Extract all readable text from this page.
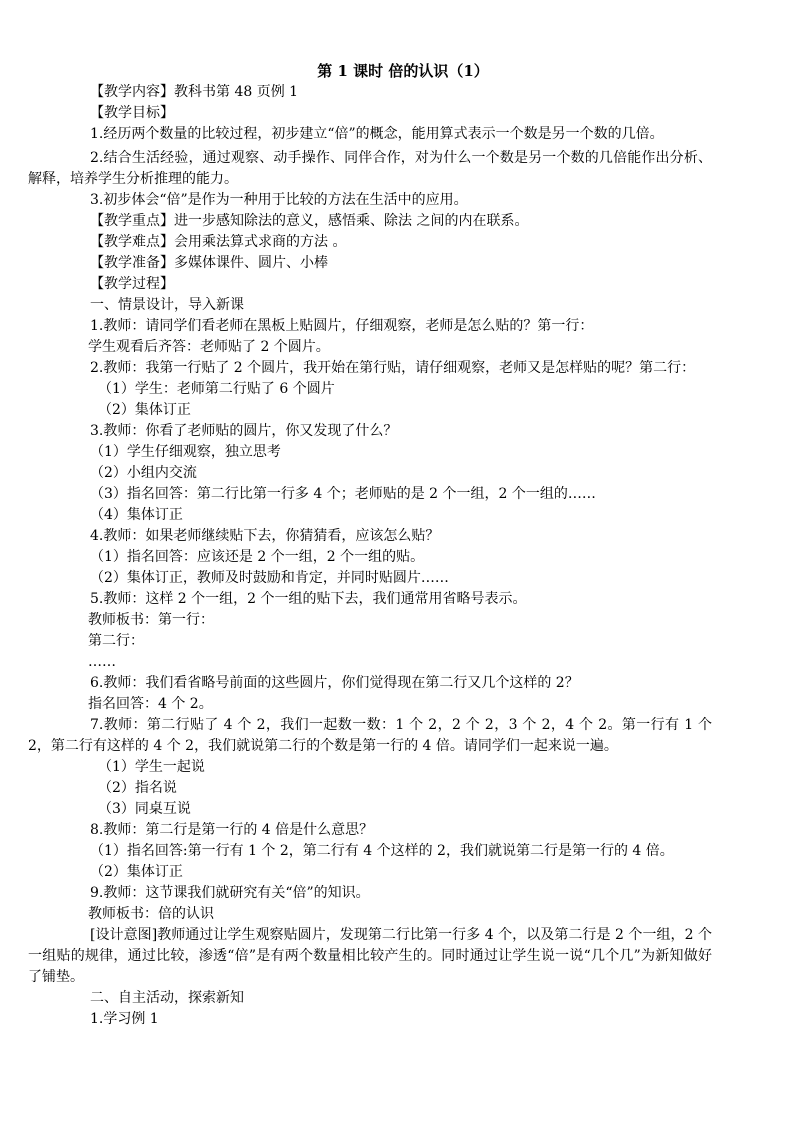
第 1 课时 倍的认识（1）

【教学内容】教科书第 48 页例 1

【教学目标】

1.经历两个数量的比较过程，初步建立“倍”的概念，能用算式表示一个数是另一个数的几倍。

2.结合生活经验，通过观察、动手操作、同伴合作，对为什么一个数是另一个数的几倍能作出分析、解释，培养学生分析推理的能力。

3.初步体会“倍”是作为一种用于比较的方法在生活中的应用。

【教学重点】进一步感知除法的意义，感悟乘、除法 之间的内在联系。

【教学难点】会用乘法算式求商的方法 。

【教学准备】多媒体课件、圆片、小棒

【教学过程】

一、情景设计，导入新课

1.教师：请同学们看老师在黑板上贴圆片，仔细观察，老师是怎么贴的？第一行：

学生观看后齐答：老师贴了 2 个圆片。

2.教师：我第一行贴了 2 个圆片，我开始在第行贴，请仔细观察，老师又是怎样贴的呢？第二行：

（1）学生：老师第二行贴了 6 个圆片

（2）集体订正

3.教师：你看了老师贴的圆片，你又发现了什么？

（1）学生仔细观察，独立思考

（2）小组内交流

（3）指名回答：第二行比第一行多 4 个；老师贴的是 2 个一组，2 个一组的……

（4）集体订正

4.教师：如果老师继续贴下去，你猜猜看，应该怎么贴？

（1）指名回答：应该还是 2 个一组，2 个一组的贴。

（2）集体订正，教师及时鼓励和肯定，并同时贴圆片……

5.教师：这样 2 个一组，2 个一组的贴下去，我们通常用省略号表示。

教师板书：第一行：

第二行：

……

6.教师：我们看省略号前面的这些圆片，你们觉得现在第二行又几个这样的 2？

指名回答：4 个 2。

7.教师：第二行贴了 4 个 2，我们一起数一数：1 个 2，2 个 2，3 个 2，4 个 2。第一行有 1 个 2，第二行有这样的 4 个 2，我们就说第二行的个数是第一行的 4 倍。请同学们一起来说一遍。

（1）学生一起说

（2）指名说

（3）同桌互说

8.教师：第二行是第一行的 4 倍是什么意思？

（1）指名回答:第一行有 1 个 2，第二行有 4 个这样的 2，我们就说第二行是第一行的 4 倍。

（2）集体订正

9.教师：这节课我们就研究有关“倍”的知识。

教师板书：倍的认识

[设计意图]教师通过让学生观察贴圆片，发现第二行比第一行多 4 个，以及第二行是 2 个一组，2 个一组贴的规律，通过比较，渗透“倍”是有两个数量相比较产生的。同时通过让学生说一说“几个几”为新知做好了铺垫。

二、自主活动，探索新知

1.学习例 1
